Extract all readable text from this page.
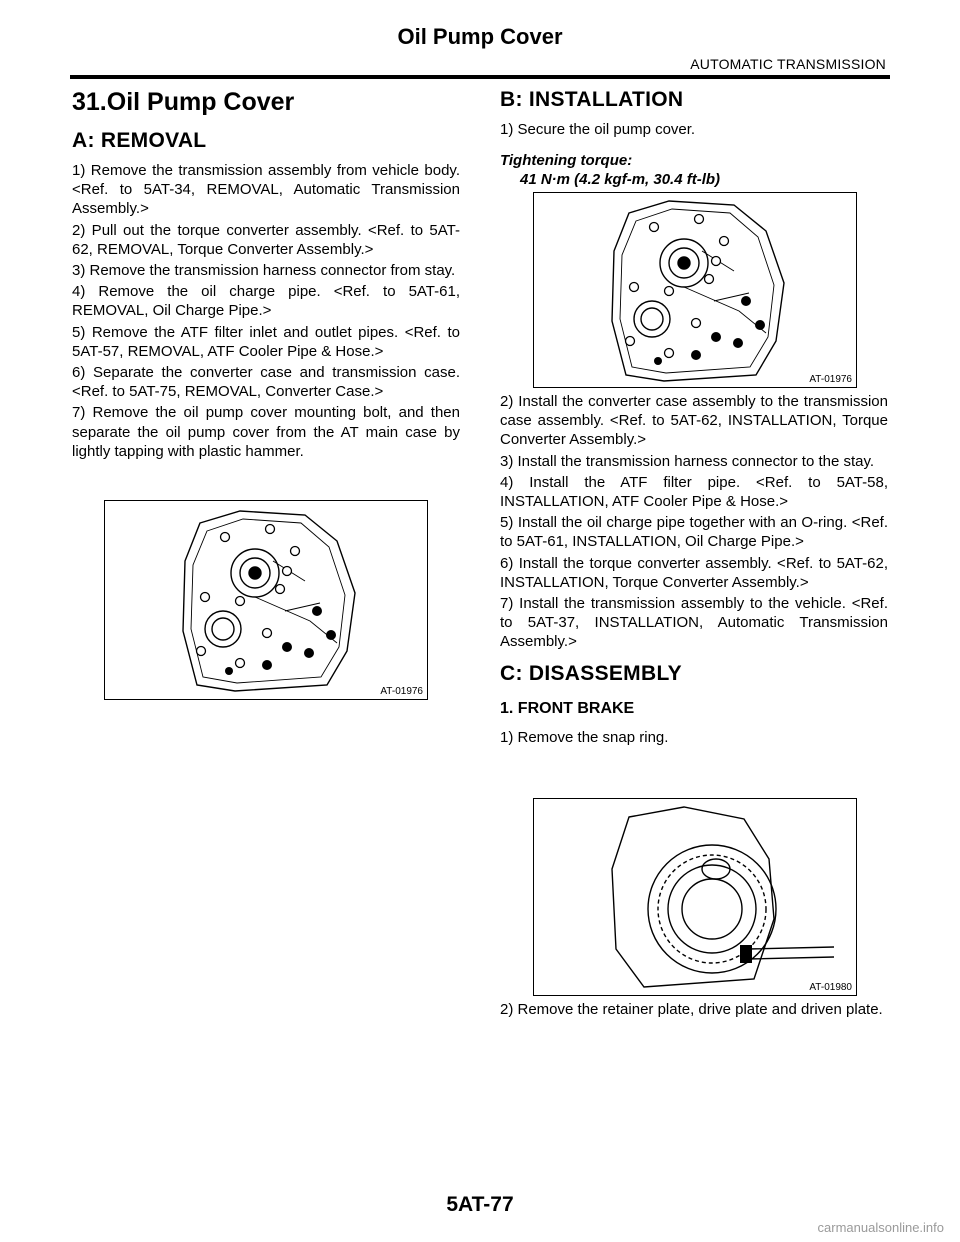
Oil Pump Cover
AUTOMATIC TRANSMISSION
31.Oil Pump Cover
A: REMOVAL
1) Remove the transmission assembly from vehicle body. <Ref. to 5AT-34, REMOVAL, Automatic Transmission Assembly.>
2) Pull out the torque converter assembly. <Ref. to 5AT-62, REMOVAL, Torque Converter Assembly.>
3) Remove the transmission harness connector from stay.
4) Remove the oil charge pipe. <Ref. to 5AT-61, REMOVAL, Oil Charge Pipe.>
5) Remove the ATF filter inlet and outlet pipes. <Ref. to 5AT-57, REMOVAL, ATF Cooler Pipe & Hose.>
6) Separate the converter case and transmission case. <Ref. to 5AT-75, REMOVAL, Converter Case.>
7) Remove the oil pump cover mounting bolt, and then separate the oil pump cover from the AT main case by lightly tapping with plastic hammer.
AT-01976
B: INSTALLATION
1) Secure the oil pump cover.
Tightening torque:
41 N·m (4.2 kgf-m, 30.4 ft-lb)
AT-01976
2) Install the converter case assembly to the transmission case assembly. <Ref. to 5AT-62, INSTALLATION, Torque Converter Assembly.>
3) Install the transmission harness connector to the stay.
4) Install the ATF filter pipe. <Ref. to 5AT-58, INSTALLATION, ATF Cooler Pipe & Hose.>
5) Install the oil charge pipe together with an O-ring. <Ref. to 5AT-61, INSTALLATION, Oil Charge Pipe.>
6) Install the torque converter assembly. <Ref. to 5AT-62, INSTALLATION, Torque Converter Assembly.>
7) Install the transmission assembly to the vehicle. <Ref. to 5AT-37, INSTALLATION, Automatic Transmission Assembly.>
C: DISASSEMBLY
1. FRONT BRAKE
1) Remove the snap ring.
AT-01980
2) Remove the retainer plate, drive plate and driven plate.
5AT-77
carmanualsonline.info
